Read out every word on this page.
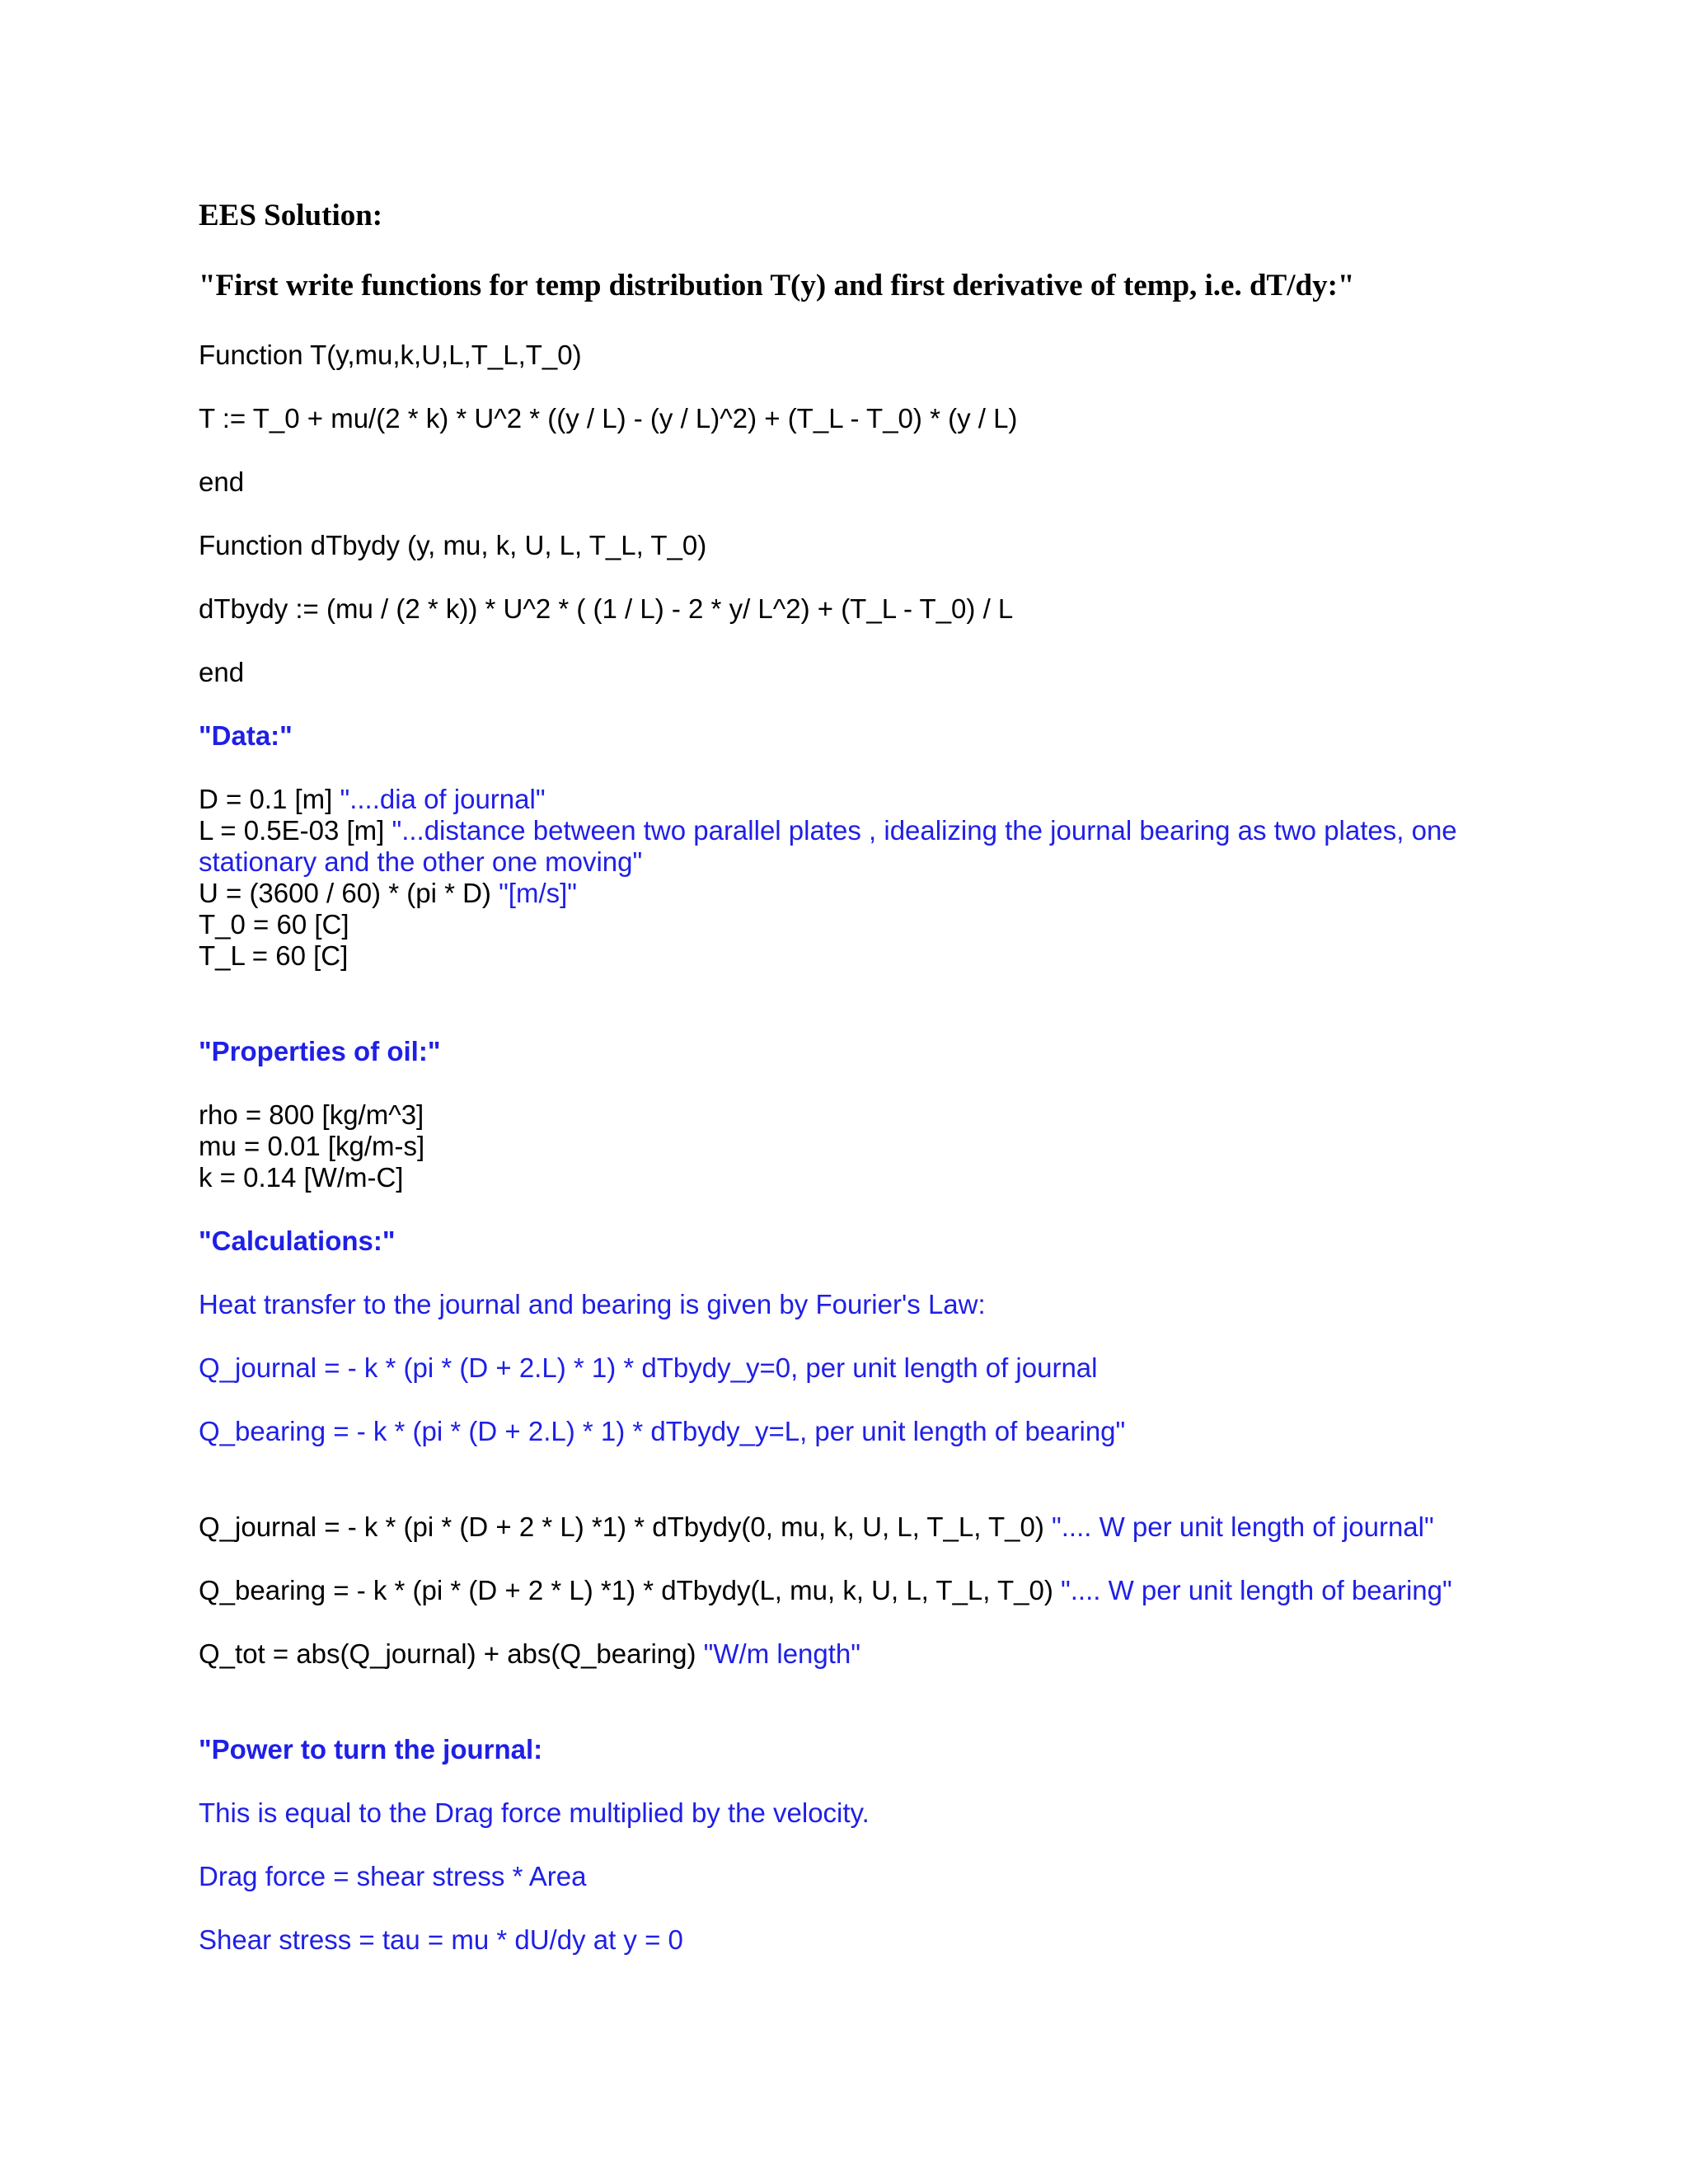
EES Solution:
"First write functions for temp distribution T(y) and first derivative of temp, i.e. dT/dy:"
Function T(y,mu,k,U,L,T_L,T_0)
T := T_0 + mu/(2 * k) * U^2 * ((y / L) - (y / L)^2) + (T_L - T_0) * (y / L)
end
Function dTbydy (y, mu, k, U, L, T_L, T_0)
dTbydy := (mu / (2 * k)) * U^2 * ( (1 / L) - 2 * y/ L^2) + (T_L - T_0) / L
end
"Data:"
D = 0.1 [m] "....dia of journal"
L = 0.5E-03 [m] "...distance between two parallel plates , idealizing the journal bearing as two plates, one
stationary and the other one moving"
U = (3600 / 60) * (pi * D) "[m/s]"
T_0 = 60 [C]
T_L = 60 [C]
"Properties of oil:"
rho = 800 [kg/m^3]
mu = 0.01 [kg/m-s]
k = 0.14 [W/m-C]
"Calculations:"
Heat transfer to the journal and bearing is given by Fourier's Law:
Q_journal = - k * (pi * (D + 2.L) * 1) * dTbydy_y=0, per unit length of journal
Q_bearing = - k * (pi * (D + 2.L) * 1) * dTbydy_y=L, per unit length of bearing"
Q_journal = - k * (pi * (D + 2 * L) *1) * dTbydy(0, mu, k, U, L, T_L, T_0) ".... W per unit length of journal"
Q_bearing = - k * (pi * (D + 2 * L) *1) * dTbydy(L, mu, k, U, L, T_L, T_0) ".... W per unit length of bearing"
Q_tot = abs(Q_journal) + abs(Q_bearing) "W/m length"
"Power to turn the journal:
This is equal to the Drag force multiplied by the velocity.
Drag force = shear stress * Area
Shear stress = tau = mu * dU/dy at y = 0
